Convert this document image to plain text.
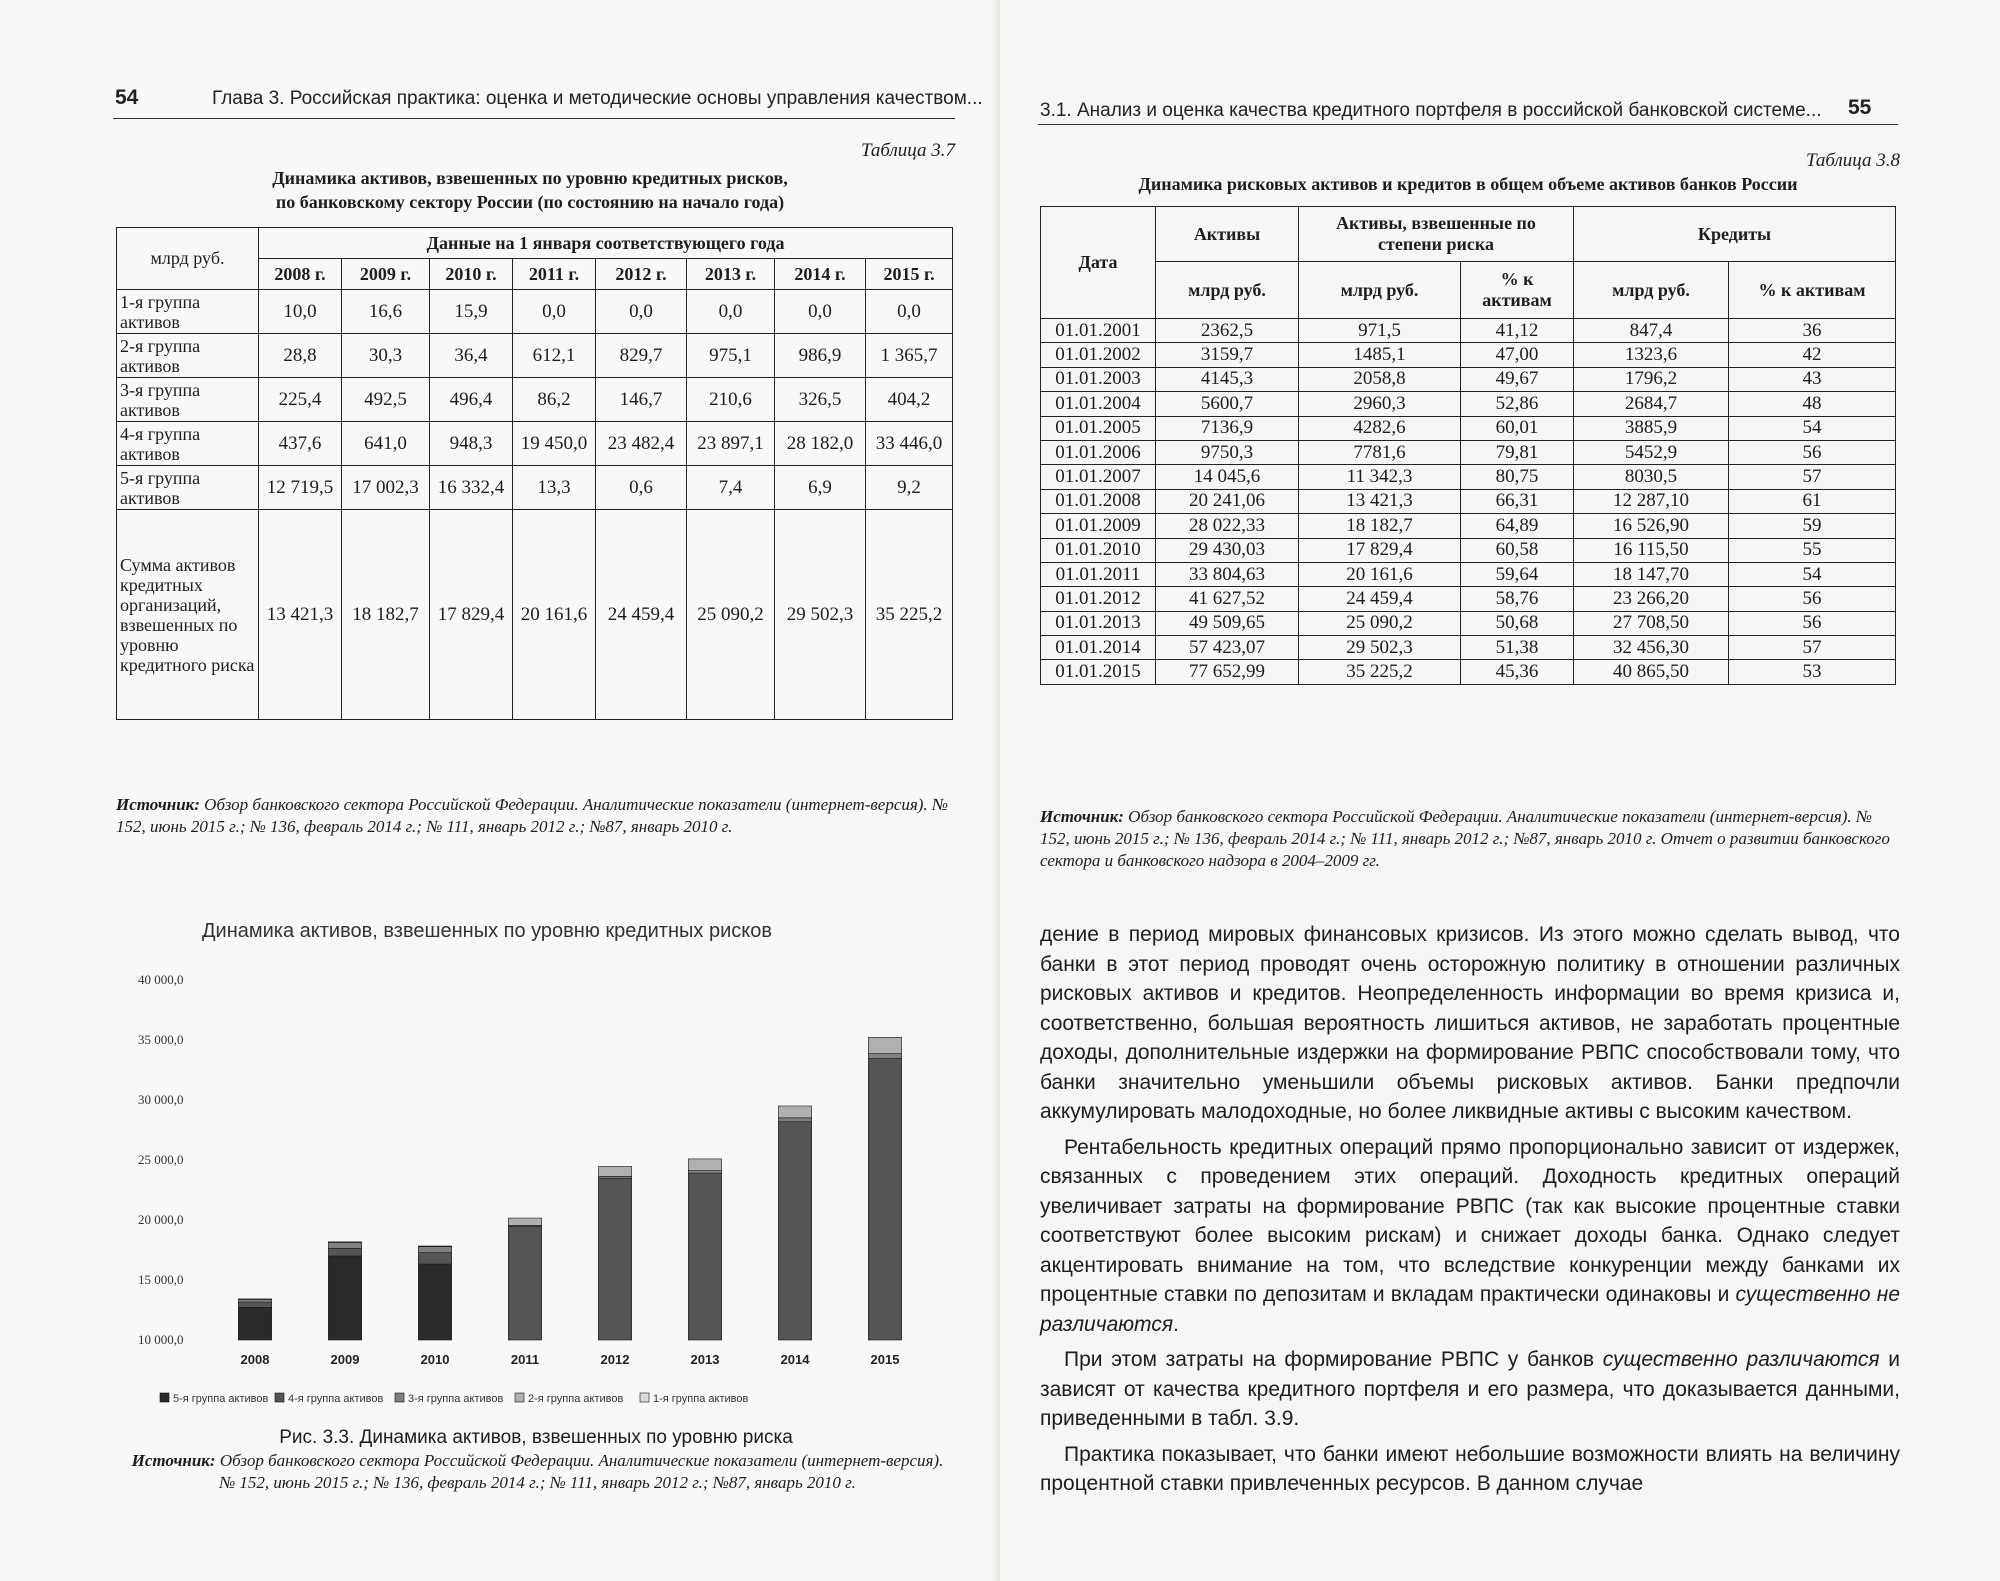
54	Глава 3. Российская практика: оценка и методические основы управления качеством...
Таблица 3.7
Динамика активов, взвешенных по уровню кредитных рисков,
по банковскому сектору России (по состоянию на начало года)
млрд руб.	Данные на 1 января соответствующего года							
	2008 г.	2009 г.	2010 г.	2011 г.	2012 г.	2013 г.	2014 г.	2015 г.
1-я группа активов	10,0	16,6	15,9	0,0	0,0	0,0	0,0	0,0
2-я группа активов	28,8	30,3	36,4	612,1	829,7	975,1	986,9	1 365,7
3-я группа активов	225,4	492,5	496,4	86,2	146,7	210,6	326,5	404,2
4-я группа активов	437,6	641,0	948,3	19 450,0	23 482,4	23 897,1	28 182,0	33 446,0
5-я группа активов	12 719,5	17 002,3	16 332,4	13,3	0,6	7,4	6,9	9,2
Сумма активов кредитных организаций, взвешенных по уровню кредитного риска	13 421,3	18 182,7	17 829,4	20 161,6	24 459,4	25 090,2	29 502,3	35 225,2
Источник: Обзор банковского сектора Российской Федерации. Аналитические показатели (интернет-версия). № 152, июнь 2015 г.; № 136, февраль 2014 г.; № 111, январь 2012 г.; №87, январь 2010 г.
Динамика активов, взвешенных по уровню кредитных рисков
10 000,0
15 000,0
20 000,0
25 000,0
30 000,0
35 000,0
40 000,0
2008	2009	2010	2011	2012	2013	2014	2015
5-я группа активов 4-я группа активов 3-я группа активов 2-я группа активов	1-я группа активов
Рис. 3.3. Динамика активов, взвешенных по уровню риска
Источник: Обзор банковского сектора Российской Федерации. Аналитические показатели (интернет-версия). № 152, июнь 2015 г.; № 136, февраль 2014 г.; № 111, январь 2012 г.; №87, январь 2010 г.
3.1. Анализ и оценка качества кредитного портфеля в российской банковской системе... 55
Таблица 3.8
Динамика рисковых активов и кредитов в общем объеме активов банков России
Дата	Активы	Активы, взвешенные по степени риска		Кредиты	
	млрд руб.	млрд руб.	% к активам	млрд руб.	% к активам
01.01.2001	2362,5	971,5	41,12	847,4	36
01.01.2002	3159,7	1485,1	47,00	1323,6	42
01.01.2003	4145,3	2058,8	49,67	1796,2	43
01.01.2004	5600,7	2960,3	52,86	2684,7	48
01.01.2005	7136,9	4282,6	60,01	3885,9	54
01.01.2006	9750,3	7781,6	79,81	5452,9	56
01.01.2007	14 045,6	11 342,3	80,75	8030,5	57
01.01.2008	20 241,06	13 421,3	66,31	12 287,10	61
01.01.2009	28 022,33	18 182,7	64,89	16 526,90	59
01.01.2010	29 430,03	17 829,4	60,58	16 115,50	55
01.01.2011	33 804,63	20 161,6	59,64	18 147,70	54
01.01.2012	41 627,52	24 459,4	58,76	23 266,20	56
01.01.2013	49 509,65	25 090,2	50,68	27 708,50	56
01.01.2014	57 423,07	29 502,3	51,38	32 456,30	57
01.01.2015	77 652,99	35 225,2	45,36	40 865,50	53
Источник: Обзор банковского сектора Российской Федерации. Аналитические показатели (интернет-версия). № 152, июнь 2015 г.; № 136, февраль 2014 г.; № 111, январь 2012 г.; №87, январь 2010 г. Отчет о развитии банковского сектора и банковского надзора в 2004–2009 гг.

дение в период мировых финансовых кризисов. Из этого можно сделать вывод, что банки в этот период проводят очень осторожную политику в отношении различных рисковых активов и кредитов. Неопределенность информации во время кризиса и, соответственно, большая вероятность лишиться активов, не заработать процентные доходы, дополнительные издержки на формирование РВПС способствовали тому, что банки значительно уменьшили объемы рисковых активов. Банки предпочли аккумулировать малодоходные, но более ликвидные активы с высоким качеством.

Рентабельность кредитных операций прямо пропорционально зависит от издержек, связанных с проведением этих операций. Доходность кредитных операций увеличивает затраты на формирование РВПС (так как высокие процентные ставки соответствуют более высоким рискам) и снижает доходы банка. Однако следует акцентировать внимание на том, что вследствие конкуренции между банками их процентные ставки по депозитам и вкладам практически одинаковы и существенно не различаются.

При этом затраты на формирование РВПС у банков существенно различаются и зависят от качества кредитного портфеля и его размера, что доказывается данными, приведенными в табл. 3.9.

Практика показывает, что банки имеют небольшие возможности влиять на величину процентной ставки привлеченных ресурсов. В данном случае
